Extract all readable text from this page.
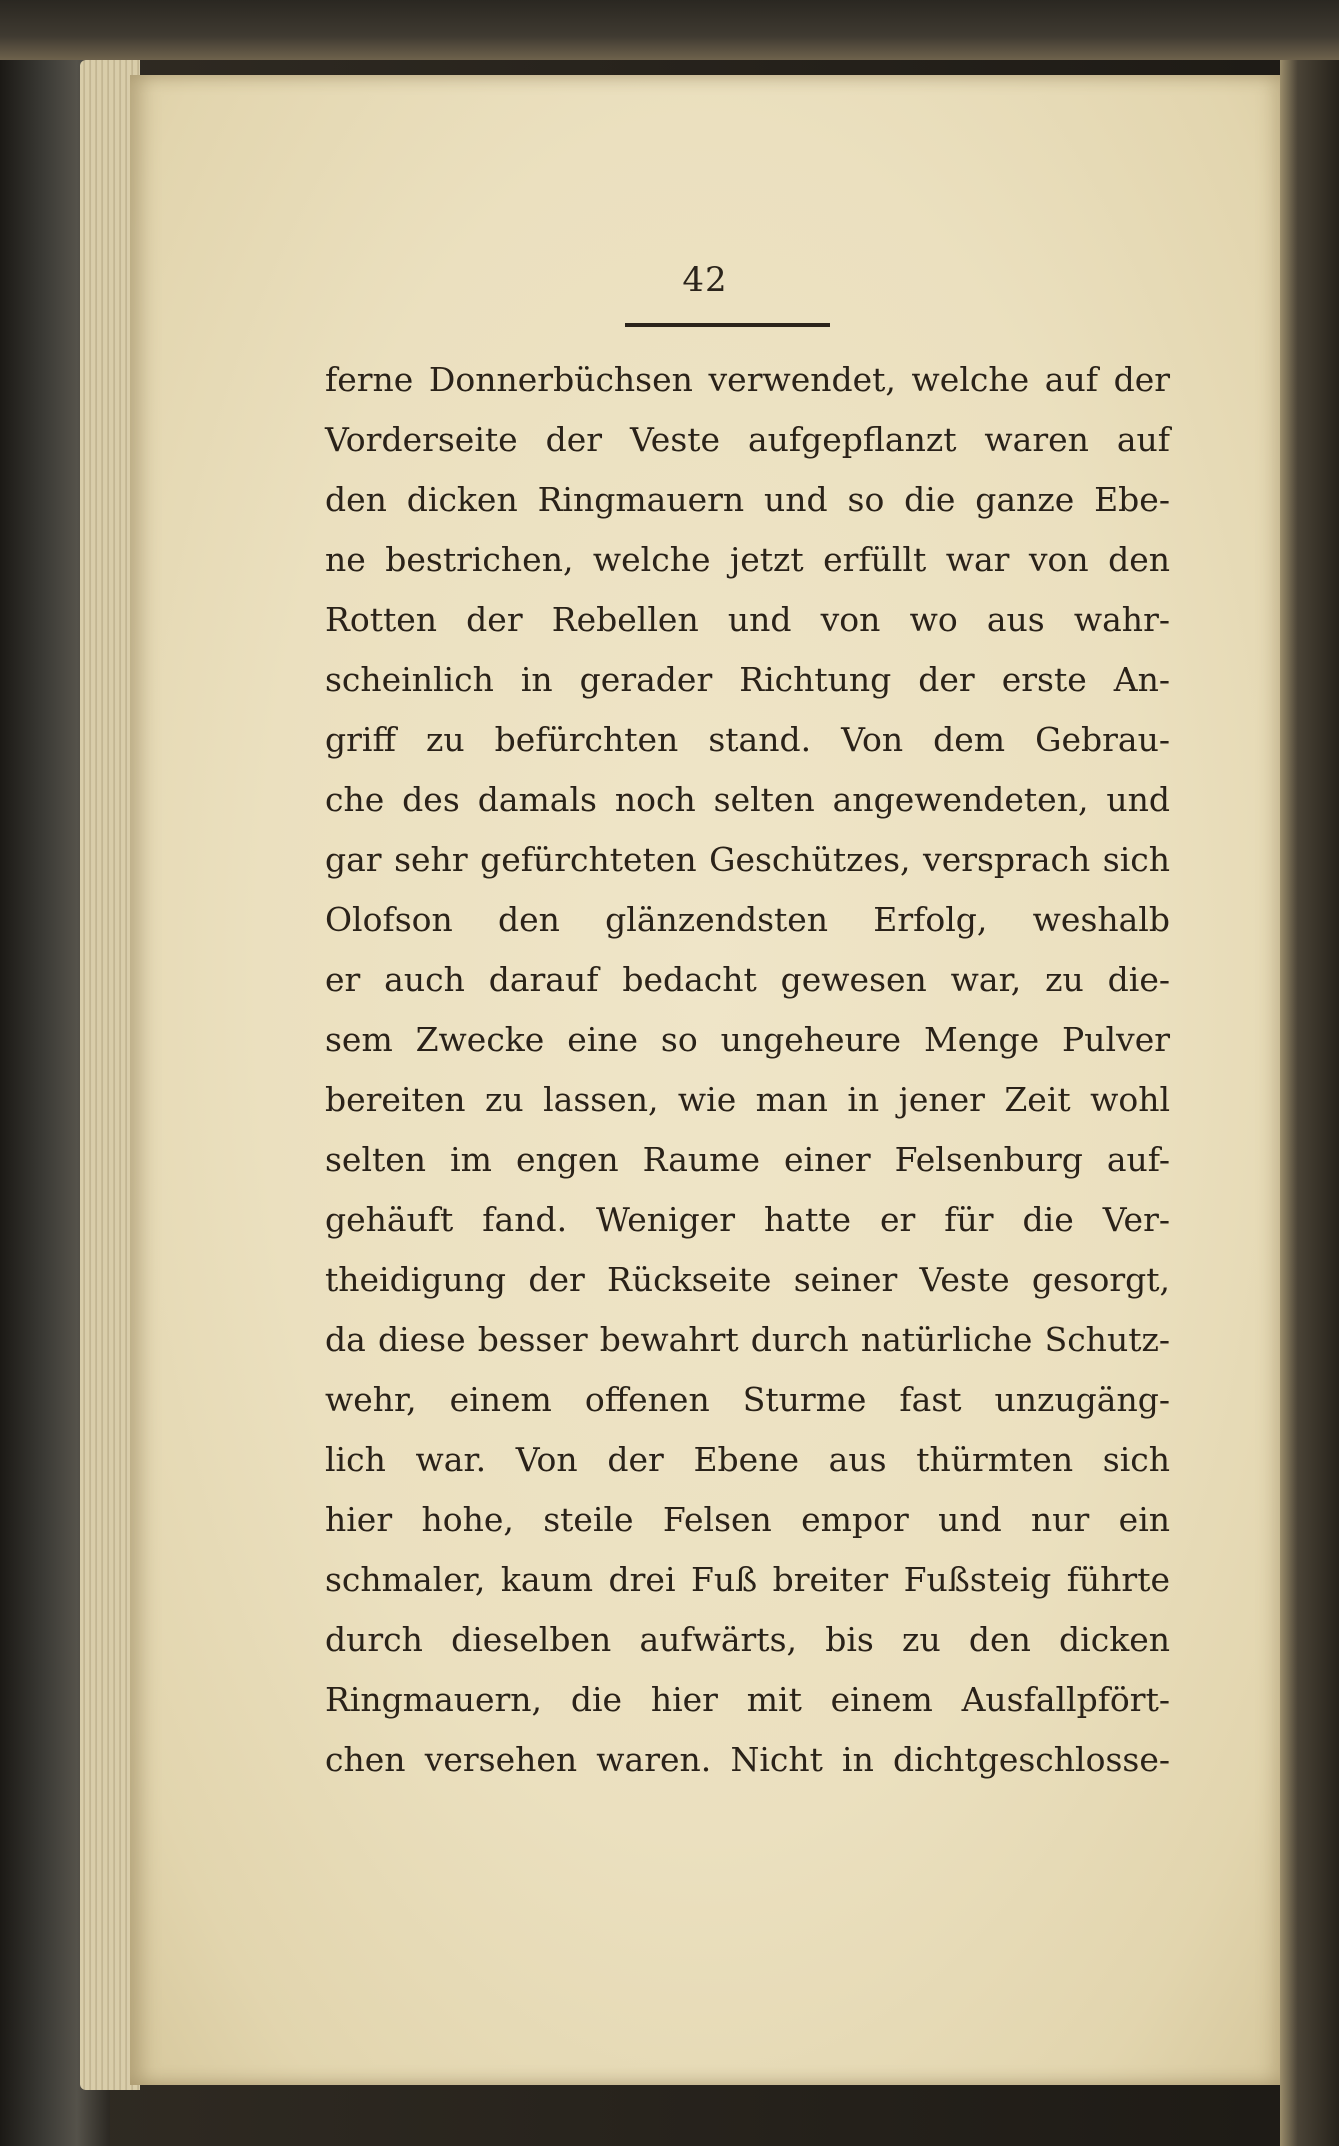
42
ferne Donnerbüchsen verwendet, welche auf der
Vorderseite der Veste aufgepflanzt waren auf
den dicken Ringmauern und so die ganze Ebe-
ne bestrichen, welche jetzt erfüllt war von den
Rotten der Rebellen und von wo aus wahr-
scheinlich in gerader Richtung der erste An-
griff zu befürchten stand. Von dem Gebrau-
che des damals noch selten angewendeten, und
gar sehr gefürchteten Geschützes, versprach sich
Olofson den glänzendsten Erfolg, weshalb
er auch darauf bedacht gewesen war, zu die-
sem Zwecke eine so ungeheure Menge Pulver
bereiten zu lassen, wie man in jener Zeit wohl
selten im engen Raume einer Felsenburg auf-
gehäuft fand. Weniger hatte er für die Ver-
theidigung der Rückseite seiner Veste gesorgt,
da diese besser bewahrt durch natürliche Schutz-
wehr, einem offenen Sturme fast unzugäng-
lich war. Von der Ebene aus thürmten sich
hier hohe, steile Felsen empor und nur ein
schmaler, kaum drei Fuß breiter Fußsteig führte
durch dieselben aufwärts, bis zu den dicken
Ringmauern, die hier mit einem Ausfallpfört-
chen versehen waren. Nicht in dichtgeschlosse-
